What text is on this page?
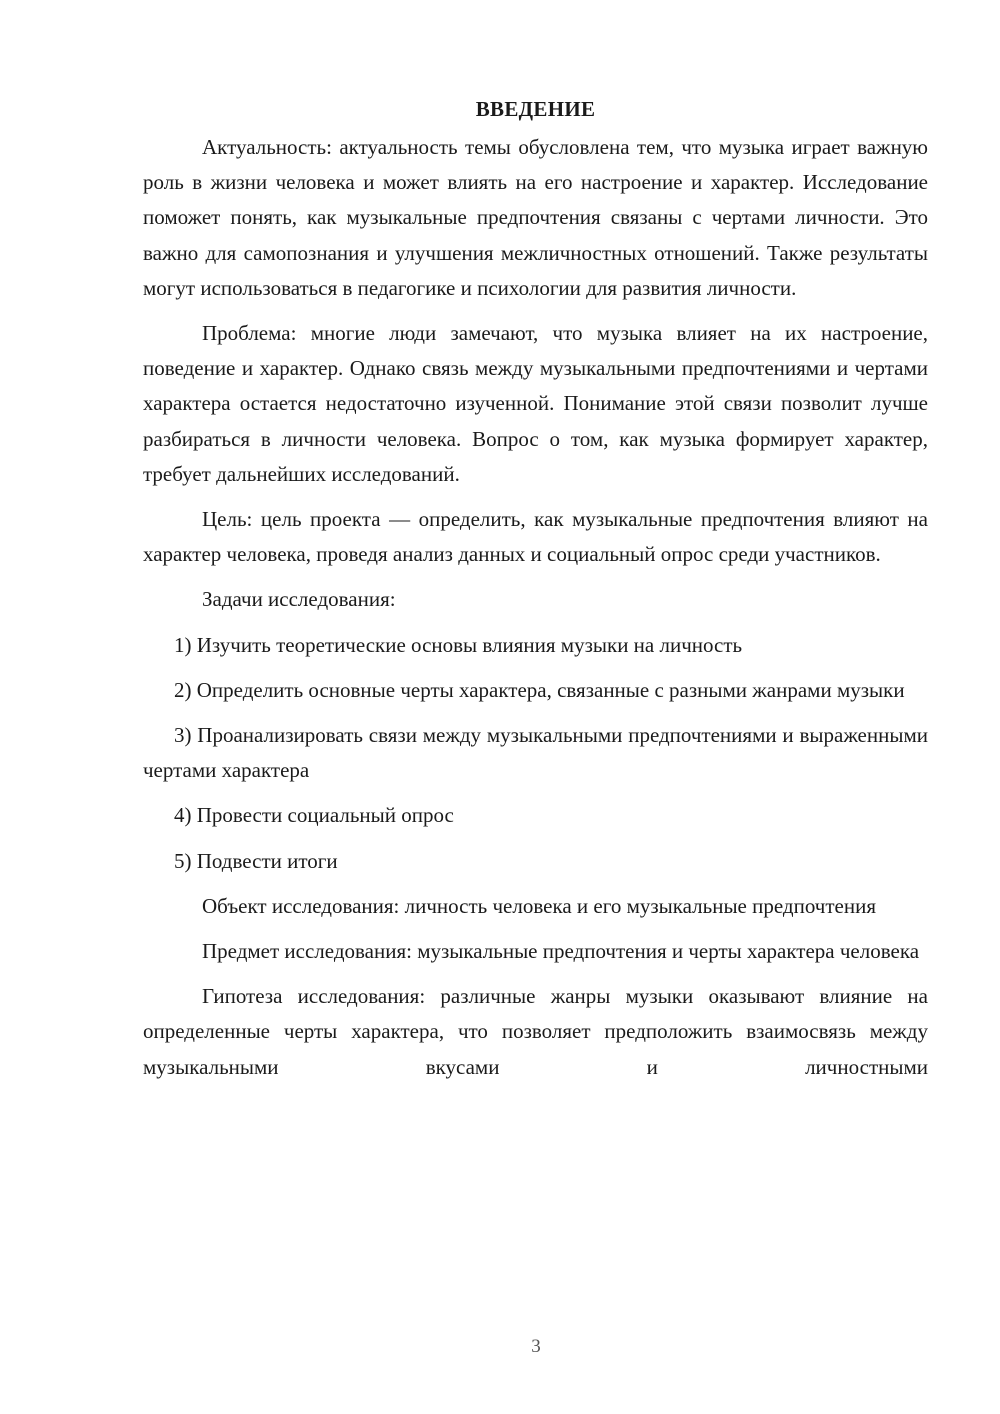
ВВЕДЕНИЕ

Актуальность: актуальность темы обусловлена тем, что музыка играет важную роль в жизни человека и может влиять на его настроение и характер. Исследование поможет понять, как музыкальные предпочтения связаны с чертами личности. Это важно для самопознания и улучшения межличностных отношений. Также результаты могут использоваться в педагогике и психологии для развития личности.

Проблема: многие люди замечают, что музыка влияет на их настроение, поведение и характер. Однако связь между музыкальными предпочтениями и чертами характера остается недостаточно изученной. Понимание этой связи позволит лучше разбираться в личности человека. Вопрос о том, как музыка формирует характер, требует дальнейших исследований.

Цель: цель проекта — определить, как музыкальные предпочтения влияют на характер человека, проведя анализ данных и социальный опрос среди участников.

Задачи исследования:

1) Изучить теоретические основы влияния музыки на личность

2) Определить основные черты характера, связанные с разными жанрами музыки

3) Проанализировать связи между музыкальными предпочтениями и выраженными чертами характера

4) Провести социальный опрос

5) Подвести итоги

Объект исследования: личность человека и его музыкальные предпочтения

Предмет исследования: музыкальные предпочтения и черты характера человека

Гипотеза исследования: различные жанры музыки оказывают влияние на определенные черты характера, что позволяет предположить взаимосвязь между музыкальными вкусами и личностными

3
